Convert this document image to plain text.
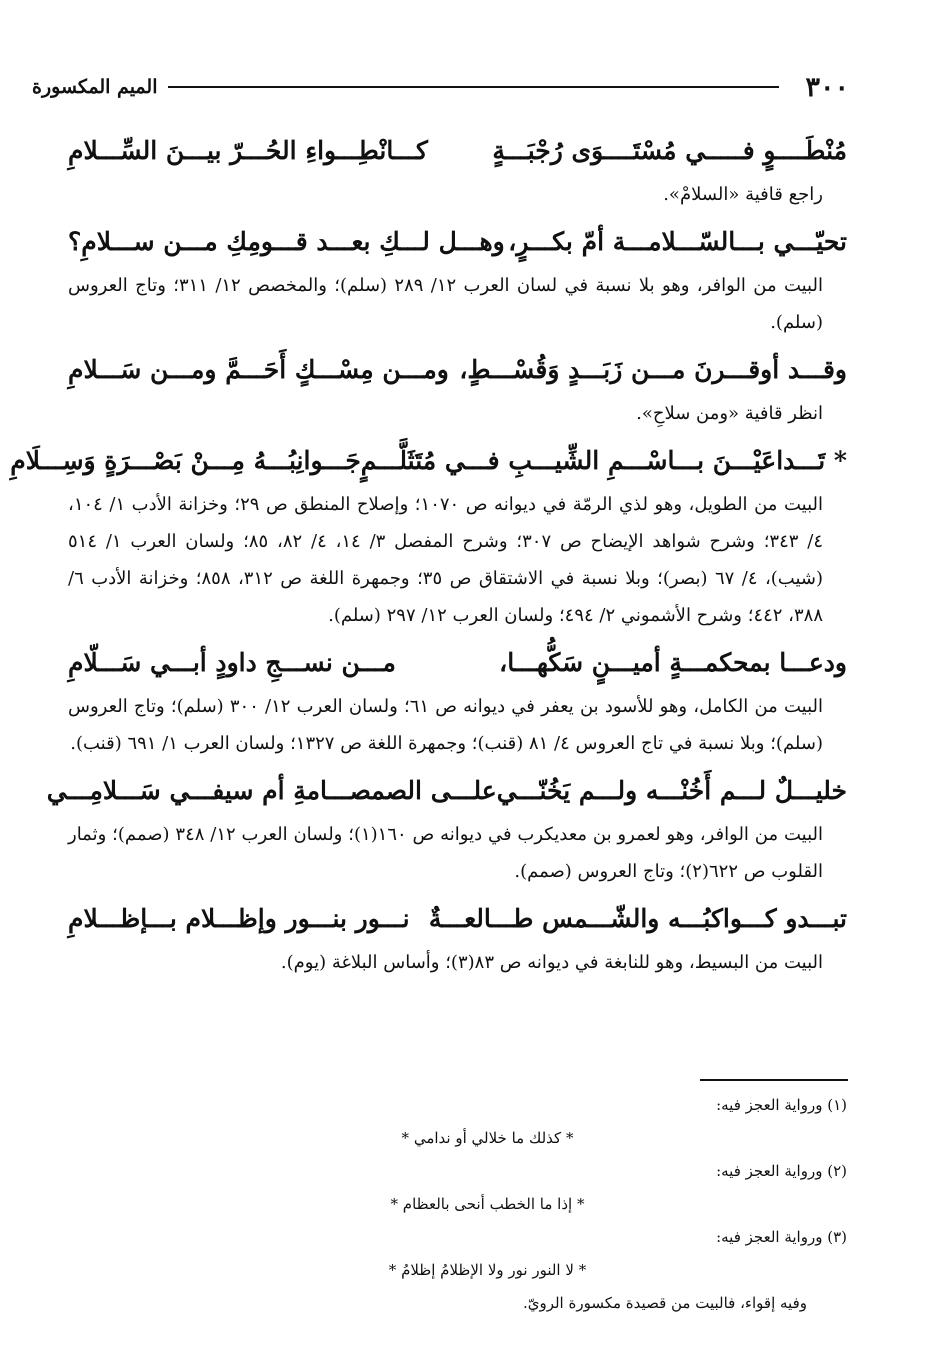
٣٠٠
الميم المكسورة
مُنْطَــــوٍ فـــــي مُسْتَــــوَى رُجْبَـــةٍ
كـــانْطِـــواءِ الحُـــرّ بيـــنَ السِّـــلامِ
راجع قافية «السلامْ».
تحيّـــي بـــالسّـــلامـــة أمّ بكـــرٍ،
وهـــل لـــكِ بعـــد قـــومِكِ مـــن ســـلامِ؟
البيت من الوافر، وهو بلا نسبة في لسان العرب ١٢/ ٢٨٩ (سلم)؛ والمخصص ١٢/ ٣١١؛ وتاج العروس (سلم).
وقـــد أوقـــرنَ مـــن زَبَـــدٍ وَقُسْـــطٍ،
ومـــن مِسْـــكٍ أَحَـــمَّ ومـــن سَـــلامِ
انظر قافية «ومن سلاحِ».
* تَـــداعَيْـــنَ بـــاسْـــمِ الشِّيـــبِ فـــي مُتَثَلَّـــمٍ
جَـــوانِبُـــهُ مِـــنْ بَصْـــرَةٍ وَسِـــلَامِ
البيت من الطويل، وهو لذي الرمّة في ديوانه ص ١٠٧٠؛ وإصلاح المنطق ص ٢٩؛ وخزانة الأدب ١/ ١٠٤، ٤/ ٣٤٣؛ وشرح شواهد الإيضاح ص ٣٠٧؛ وشرح المفصل ٣/ ١٤، ٤/ ٨٢، ٨٥؛ ولسان العرب ١/ ٥١٤ (شيب)، ٤/ ٦٧ (بصر)؛ وبلا نسبة في الاشتقاق ص ٣٥؛ وجمهرة اللغة ص ٣١٢، ٨٥٨؛ وخزانة الأدب ٦/ ٣٨٨، ٤٤٢؛ وشرح الأشموني ٢/ ٤٩٤؛ ولسان العرب ١٢/ ٢٩٧ (سلم).
ودعـــا بمحكمـــةٍ أميـــنٍ سَكُّهـــا،
مـــن نســـجِ داودٍ أبـــي سَـــلّامِ
البيت من الكامل، وهو للأسود بن يعفر في ديوانه ص ٦١؛ ولسان العرب ١٢/ ٣٠٠ (سلم)؛ وتاج العروس (سلم)؛ وبلا نسبة في تاج العروس ٤/ ٨١ (قنب)؛ وجمهرة اللغة ص ١٣٢٧؛ ولسان العرب ١/ ٦٩١ (قنب).
خليـــلٌ لـــم أَخُنْـــه ولـــم يَخُنّـــي
علـــى الصمصـــامةِ أم سيفـــي سَـــلامِـــي
البيت من الوافر، وهو لعمرو بن معديكرب في ديوانه ص ١٦٠(١)؛ ولسان العرب ١٢/ ٣٤٨ (صمم)؛ وثمار القلوب ص ٦٢٢(٢)؛ وتاج العروس (صمم).
تبـــدو كـــواكبُـــه والشّـــمس طـــالعـــةٌ
نـــور بنـــور وإظـــلام بـــإظـــلامِ
البيت من البسيط، وهو للنابغة في ديوانه ص ٨٣(٣)؛ وأساس البلاغة (يوم).
(١) ورواية العجز فيه:
* كذلك ما خلالي أو ندامي *
(٢) ورواية العجز فيه:
* إذا ما الخطب أنحى بالعظام *
(٣) ورواية العجز فيه:
* لا النور نور ولا الإظلامُ إظلامُ *
وفيه إقواء، فالبيت من قصيدة مكسورة الرويّ.
